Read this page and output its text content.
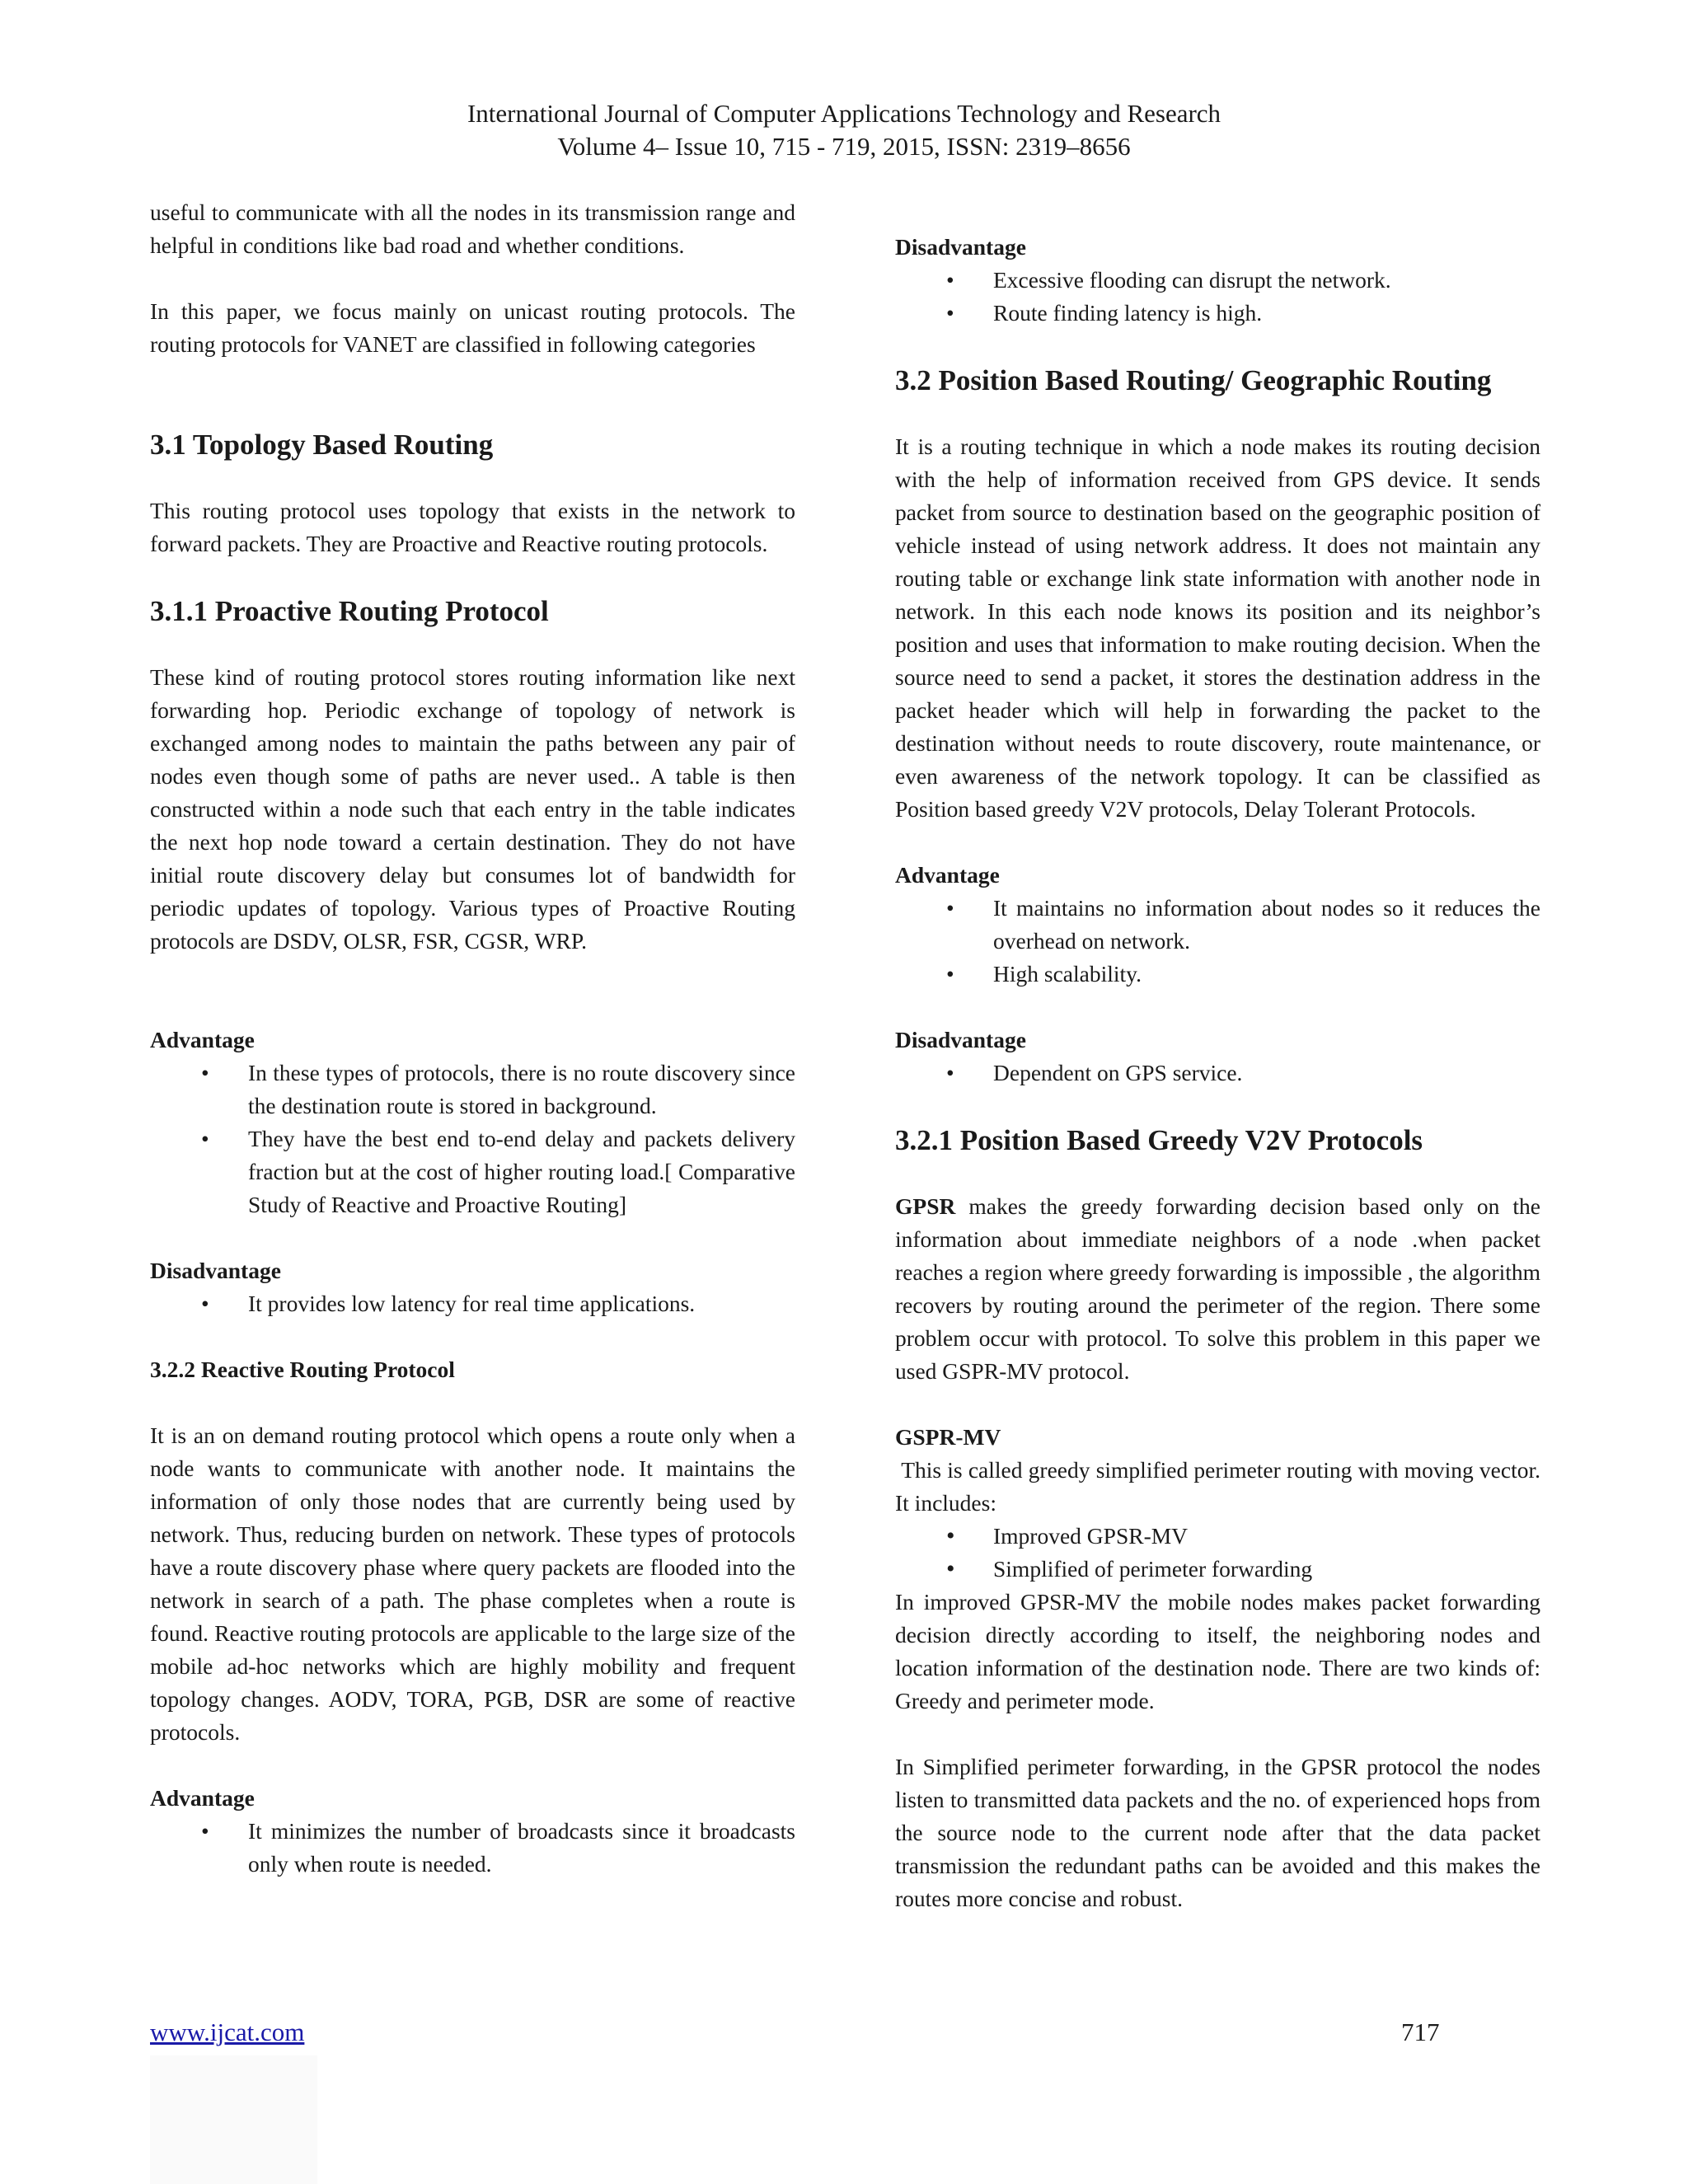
International Journal of Computer Applications Technology and Research
Volume 4– Issue 10, 715 - 719, 2015, ISSN: 2319–8656

useful to communicate with all the nodes in its transmission range and helpful in conditions like bad road and whether conditions.

In this paper, we focus mainly on unicast routing protocols. The routing protocols for VANET are classified in following categories

3.1 Topology Based Routing

This routing protocol uses topology that exists in the network to forward packets. They are Proactive and Reactive routing protocols.

3.1.1 Proactive Routing Protocol

These kind of routing protocol stores routing information like next forwarding hop. Periodic exchange of topology of network is exchanged among nodes to maintain the paths between any pair of nodes even though some of paths are never used.. A table is then constructed within a node such that each entry in the table indicates the next hop node toward a certain destination. They do not have initial route discovery delay but consumes lot of bandwidth for periodic updates of topology. Various types of Proactive Routing protocols are DSDV, OLSR, FSR, CGSR, WRP.

Advantage
• In these types of protocols, there is no route discovery since the destination route is stored in background.
• They have the best end to-end delay and packets delivery fraction but at the cost of higher routing load.[ Comparative Study of Reactive and Proactive Routing]
Disadvantage
• It provides low latency for real time applications.
3.2.2 Reactive Routing Protocol

It is an on demand routing protocol which opens a route only when a node wants to communicate with another node. It maintains the information of only those nodes that are currently being used by network. Thus, reducing burden on network. These types of protocols have a route discovery phase where query packets are flooded into the network in search of a path. The phase completes when a route is found. Reactive routing protocols are applicable to the large size of the mobile ad-hoc networks which are highly mobility and frequent topology changes. AODV, TORA, PGB, DSR are some of reactive protocols.

Advantage
• It minimizes the number of broadcasts since it broadcasts only when route is needed.
Disadvantage
• Excessive flooding can disrupt the network.
• Route finding latency is high.
3.2 Position Based Routing/ Geographic Routing

It is a routing technique in which a node makes its routing decision with the help of information received from GPS device. It sends packet from source to destination based on the geographic position of vehicle instead of using network address. It does not maintain any routing table or exchange link state information with another node in network. In this each node knows its position and its neighbor’s position and uses that information to make routing decision. When the source need to send a packet, it stores the destination address in the packet header which will help in forwarding the packet to the destination without needs to route discovery, route maintenance, or even awareness of the network topology. It can be classified as Position based greedy V2V protocols, Delay Tolerant Protocols.

Advantage
• It maintains no information about nodes so it reduces the overhead on network.
• High scalability.
Disadvantage
• Dependent on GPS service.
3.2.1 Position Based Greedy V2V Protocols

GPSR makes the greedy forwarding decision based only on the information about immediate neighbors of a node .when packet reaches a region where greedy forwarding is impossible , the algorithm recovers by routing around the perimeter of the region. There some problem occur with protocol. To solve this problem in this paper we used GSPR-MV protocol.

GSPR-MV

This is called greedy simplified perimeter routing with moving vector. It includes:

• Improved GPSR-MV
• Simplified of perimeter forwarding

In improved GPSR-MV the mobile nodes makes packet forwarding decision directly according to itself, the neighboring nodes and location information of the destination node. There are two kinds of: Greedy and perimeter mode.

In Simplified perimeter forwarding, in the GPSR protocol the nodes listen to transmitted data packets and the no. of experienced hops from the source node to the current node after that the data packet transmission the redundant paths can be avoided and this makes the routes more concise and robust.

www.ijcat.com	717
